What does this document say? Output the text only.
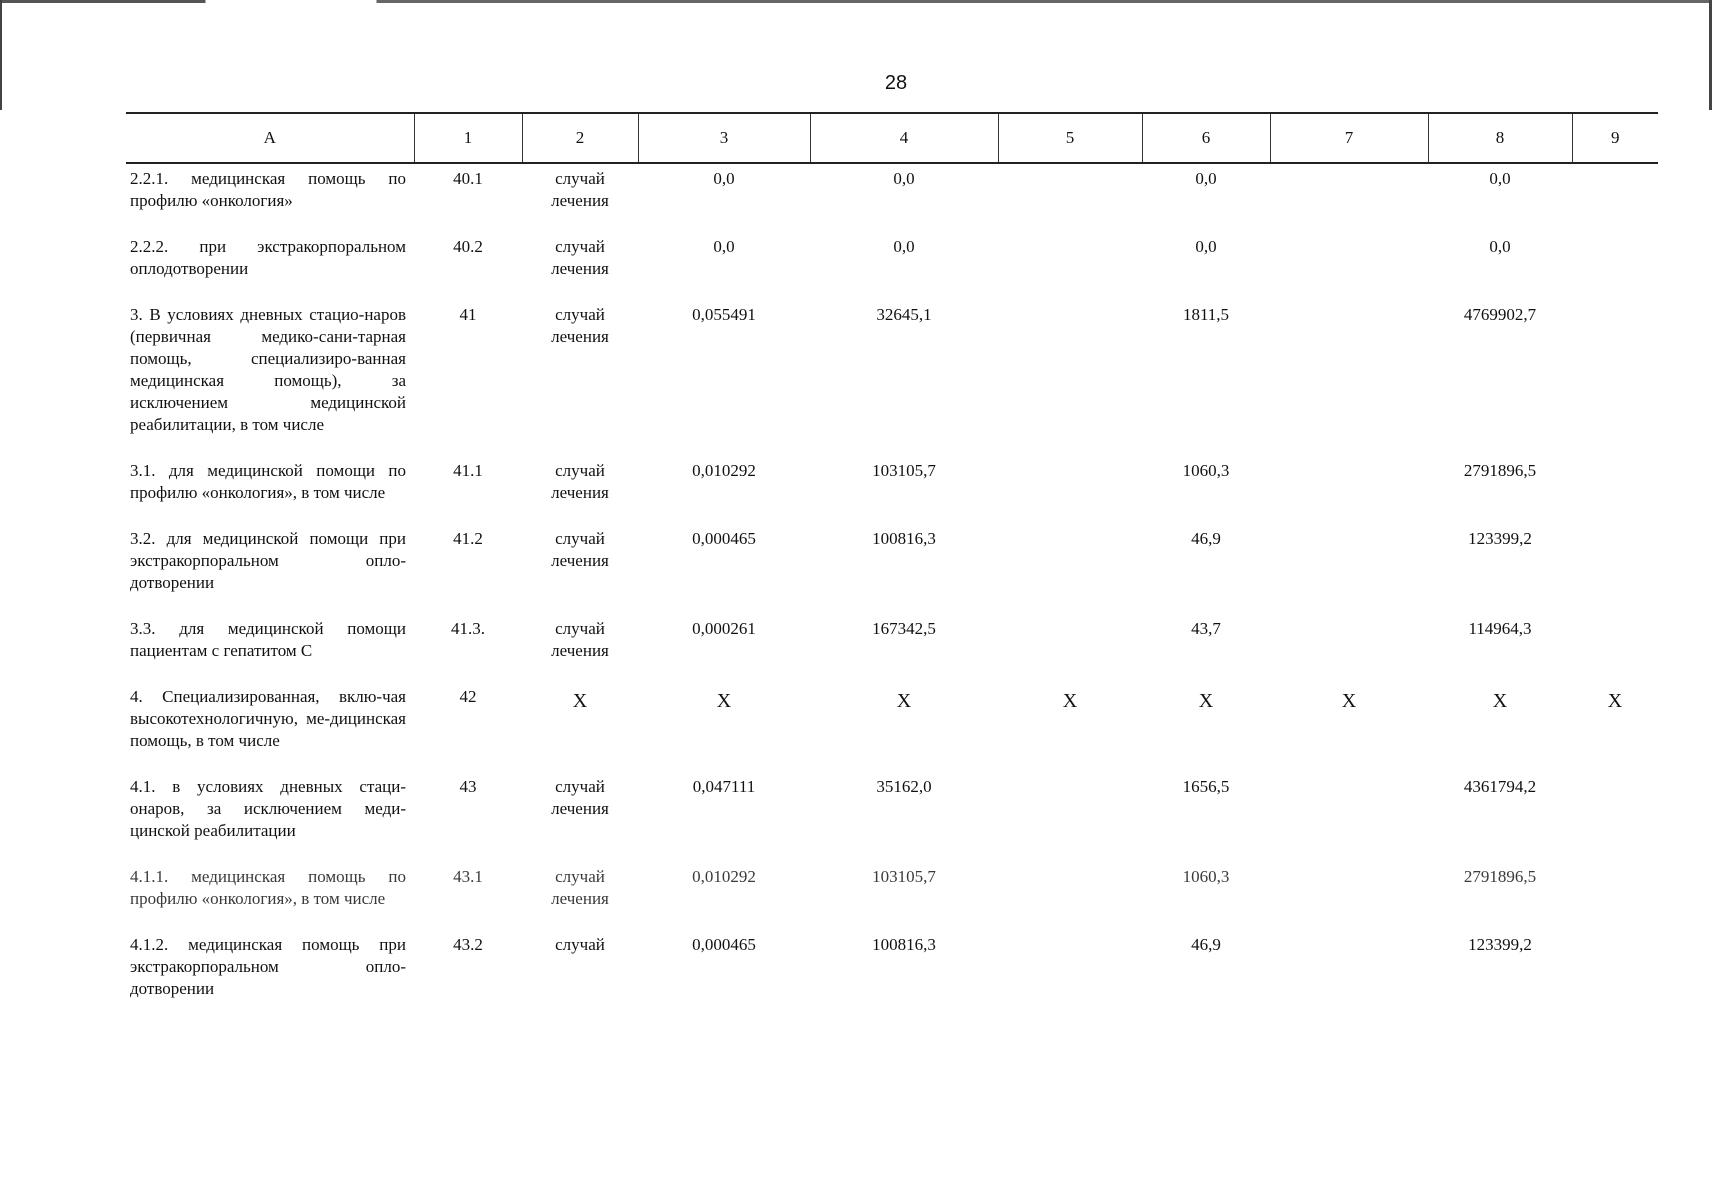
28
А	1	2	3	4	5	6	7	8	9
2.2.1. медицинская помощь по профилю «онкология»	40.1	случай лечения	0,0	0,0		0,0		0,0	
2.2.2. при экстракорпоральном оплодотворении	40.2	случай лечения	0,0	0,0		0,0		0,0	
3. В условиях дневных стацио-наров (первичная медико-сани-тарная помощь, специализиро-ванная медицинская помощь), за исключением медицинской реабилитации, в том числе	41	случай лечения	0,055491	32645,1		1811,5		4769902,7	
3.1. для медицинской помощи по профилю «онкология», в том числе	41.1	случай лечения	0,010292	103105,7		1060,3		2791896,5	
3.2. для медицинской помощи при экстракорпоральном опло-дотворении	41.2	случай лечения	0,000465	100816,3		46,9		123399,2	
3.3. для медицинской помощи пациентам с гепатитом С	41.3.	случай лечения	0,000261	167342,5		43,7		114964,3	
4. Специализированная, вклю-чая высокотехнологичную, ме-дицинская помощь, в том числе	42	X	X	X	X	X	X	X	X
4.1. в условиях дневных стаци-онаров, за исключением меди-цинской реабилитации	43	случай лечения	0,047111	35162,0		1656,5		4361794,2	
4.1.1. медицинская помощь по профилю «онкология», в том числе	43.1	случай лечения	0,010292	103105,7		1060,3		2791896,5	
4.1.2. медицинская помощь при экстракорпоральном опло-дотворении	43.2	случай	0,000465	100816,3		46,9		123399,2	
